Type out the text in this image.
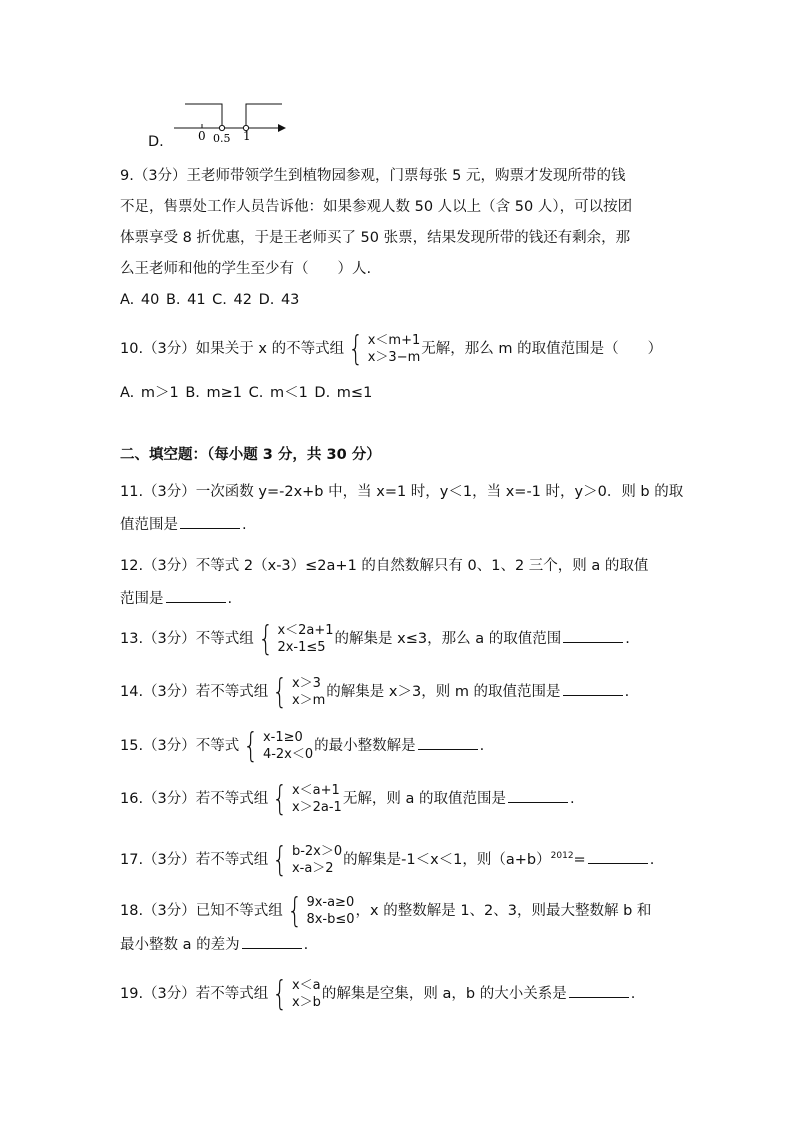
D.	0 0.5 1
9.（3分）王老师带领学生到植物园参观，门票每张 5 元，购票才发现所带的钱
不足，售票处工作人员告诉他：如果参观人数 50 人以上（含 50 人），可以按团
体票享受 8 折优惠，于是王老师买了 50 张票，结果发现所带的钱还有剩余，那
么王老师和他的学生至少有（　　）人.
A. 40 B. 41 C. 42 D. 43
10.（3分）如果关于 x 的不等式组 { x＜m+1
x＞3−m
无解，那么 m 的取值范围是（　　）
A. m＞1 B. m≥1 C. m＜1 D. m≤1
二、填空题：（每小题 3 分，共 30 分）
11.（3分）一次函数 y=-2x+b 中，当 x=1 时，y＜1，当 x=-1 时，y＞0．则 b 的取
值范围是	.
12.（3分）不等式 2（x-3）≤2a+1 的自然数解只有 0、1、2 三个，则 a 的取值
范围是	.
13.（3分）不等式组 { x＜2a+1
2x-1≤5
的解集是 x≤3，那么 a 的取值范围	.
14.（3分）若不等式组 { x＞3
x＞m
的解集是 x＞3，则 m 的取值范围是	.
15.（3分）不等式 { x-1≥0
4-2x＜0
的最小整数解是	.
16.（3分）若不等式组 { x＜a+1
x＞2a-1
无解，则 a 的取值范围是	.
17.（3分）若不等式组 { b-2x＞0
x-a＞2
的解集是-1＜x＜1，则$(a+b)^{2012}=$	.
18.（3分）已知不等式组 { 9x-a≥0
8x-b≤0
，x 的整数解是 1、2、3，则最大整数解 b 和
最小整数 a 的差为	.
19.（3分）若不等式组 { x＜a
x＞b
的解集是空集，则 a，b 的大小关系是	.
